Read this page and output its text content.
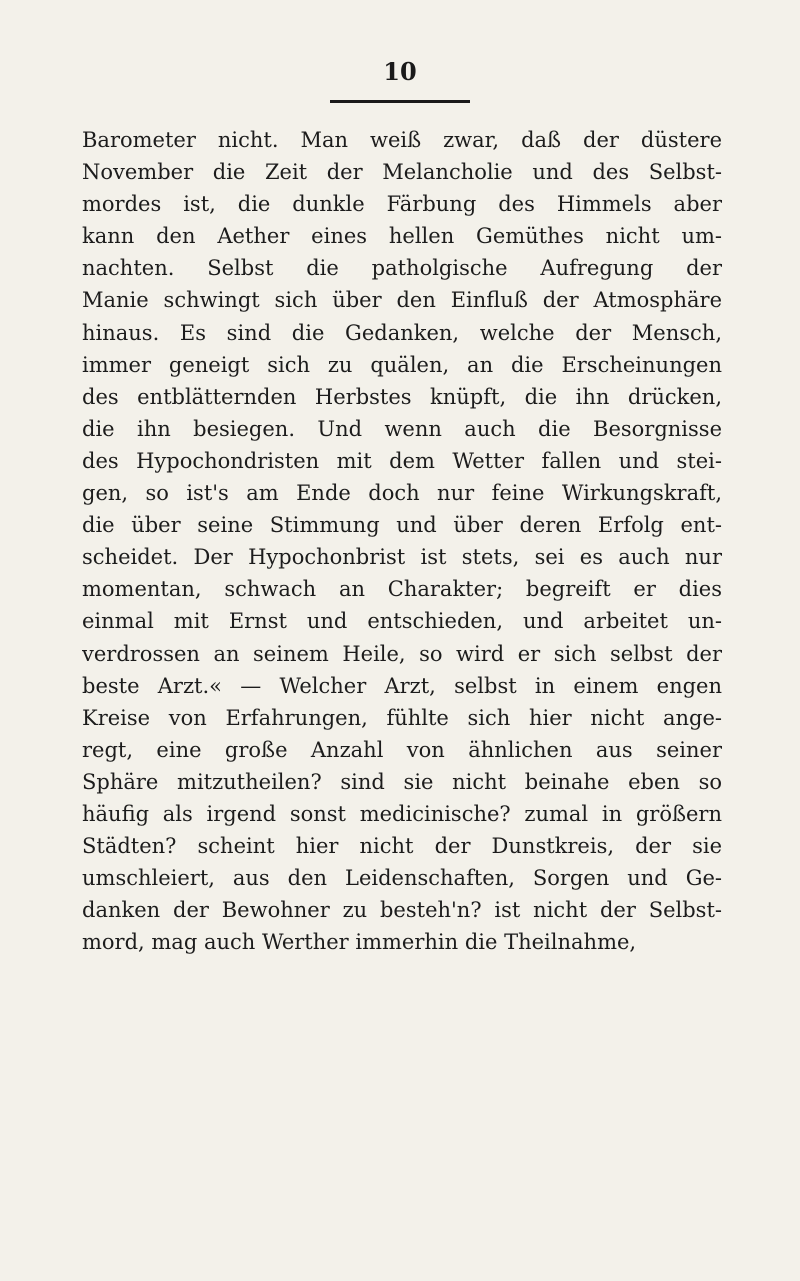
10
Barometer nicht. Man weiß zwar, daß der düstere
November die Zeit der Melancholie und des Selbst-
mordes ist, die dunkle Färbung des Himmels aber
kann den Aether eines hellen Gemüthes nicht um-
nachten. Selbst die patholgische Aufregung der
Manie schwingt sich über den Einfluß der Atmosphäre
hinaus. Es sind die Gedanken, welche der Mensch,
immer geneigt sich zu quälen, an die Erscheinungen
des entblätternden Herbstes knüpft, die ihn drücken,
die ihn besiegen. Und wenn auch die Besorgnisse
des Hypochondristen mit dem Wetter fallen und stei-
gen, so ist's am Ende doch nur feine Wirkungskraft,
die über seine Stimmung und über deren Erfolg ent-
scheidet. Der Hypochonbrist ist stets, sei es auch nur
momentan, schwach an Charakter; begreift er dies
einmal mit Ernst und entschieden, und arbeitet un-
verdrossen an seinem Heile, so wird er sich selbst der
beste Arzt.« — Welcher Arzt, selbst in einem engen
Kreise von Erfahrungen, fühlte sich hier nicht ange-
regt, eine große Anzahl von ähnlichen aus seiner
Sphäre mitzutheilen? sind sie nicht beinahe eben so
häufig als irgend sonst medicinische? zumal in größern
Städten? scheint hier nicht der Dunstkreis, der sie
umschleiert, aus den Leidenschaften, Sorgen und Ge-
danken der Bewohner zu besteh'n? ist nicht der Selbst-
mord, mag auch Werther immerhin die Theilnahme,
